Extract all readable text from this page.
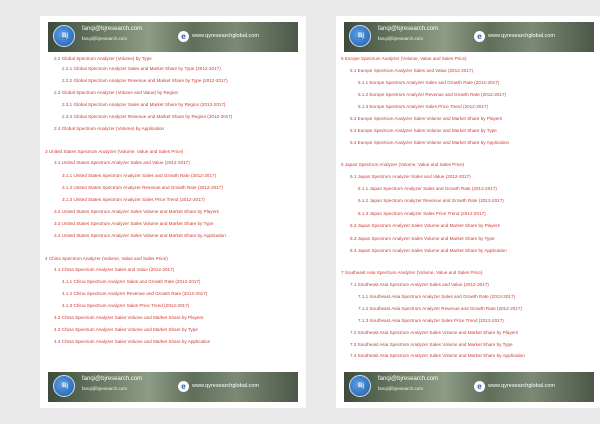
Bj
fanqi@bjresearch.com
fanqi@bjresearch.com	e	www.qyresearchglobal.com
2.2 Global Spectrum Analyzer (Volume) by Type
2.2.1 Global Spectrum Analyzer Sales and Market Share by Type (2012-2017)
2.2.2 Global Spectrum Analyzer Revenue and Market Share by Type (2012-2017)
2.3 Global Spectrum Analyzer (Volume and Value) by Region
2.3.1 Global Spectrum Analyzer Sales and Market Share by Region (2012-2017)
2.3.2 Global Spectrum Analyzer Revenue and Market Share by Region (2012-2017)
2.4 Global Spectrum Analyzer (Volume) by Application
3 United States Spectrum Analyzer (Volume, Value and Sales Price)
3.1 United States Spectrum Analyzer Sales and Value (2012-2017)
3.1.1 United States Spectrum Analyzer Sales and Growth Rate (2012-2017)
3.1.2 United States Spectrum Analyzer Revenue and Growth Rate (2012-2017)
3.1.3 United States Spectrum Analyzer Sales Price Trend (2012-2017)
3.2 United States Spectrum Analyzer Sales Volume and Market Share by Players
3.3 United States Spectrum Analyzer Sales Volume and Market Share by Type
3.4 United States Spectrum Analyzer Sales Volume and Market Share by Application
4 China Spectrum Analyzer (Volume, Value and Sales Price)
4.1 China Spectrum Analyzer Sales and Value (2012-2017)
4.1.1 China Spectrum Analyzer Sales and Growth Rate (2012-2017)
4.1.2 China Spectrum Analyzer Revenue and Growth Rate (2012-2017)
4.1.3 China Spectrum Analyzer Sales Price Trend (2012-2017)
4.2 China Spectrum Analyzer Sales Volume and Market Share by Players
4.3 China Spectrum Analyzer Sales Volume and Market Share by Type
4.4 China Spectrum Analyzer Sales Volume and Market Share by Application
Bj
fanqi@bjresearch.com
fanqi@bjresearch.com	e	www.qyresearchglobal.com
Bj
fanqi@bjresearch.com
fanqi@bjresearch.com	e	www.qyresearchglobal.com
5 Europe Spectrum Analyzer (Volume, Value and Sales Price)
5.1 Europe Spectrum Analyzer Sales and Value (2012-2017)
5.1.1 Europe Spectrum Analyzer Sales and Growth Rate (2012-2017)
5.1.2 Europe Spectrum Analyzer Revenue and Growth Rate (2012-2017)
5.1.3 Europe Spectrum Analyzer Sales Price Trend (2012-2017)
5.2 Europe Spectrum Analyzer Sales Volume and Market Share by Players
5.3 Europe Spectrum Analyzer Sales Volume and Market Share by Type
5.4 Europe Spectrum Analyzer Sales Volume and Market Share by Application
6 Japan Spectrum Analyzer (Volume, Value and Sales Price)
6.1 Japan Spectrum Analyzer Sales and Value (2012-2017)
6.1.1 Japan Spectrum Analyzer Sales and Growth Rate (2012-2017)
6.1.2 Japan Spectrum Analyzer Revenue and Growth Rate (2012-2017)
6.1.3 Japan Spectrum Analyzer Sales Price Trend (2012-2017)
6.2 Japan Spectrum Analyzer Sales Volume and Market Share by Players
6.3 Japan Spectrum Analyzer Sales Volume and Market Share by Type
6.4 Japan Spectrum Analyzer Sales Volume and Market Share by Application
7 Southeast Asia Spectrum Analyzer (Volume, Value and Sales Price)
7.1 Southeast Asia Spectrum Analyzer Sales and Value (2012-2017)
7.1.1 Southeast Asia Spectrum Analyzer Sales and Growth Rate (2012-2017)
7.1.2 Southeast Asia Spectrum Analyzer Revenue and Growth Rate (2012-2017)
7.1.3 Southeast Asia Spectrum Analyzer Sales Price Trend (2012-2017)
7.2 Southeast Asia Spectrum Analyzer Sales Volume and Market Share by Players
7.3 Southeast Asia Spectrum Analyzer Sales Volume and Market Share by Type
7.4 Southeast Asia Spectrum Analyzer Sales Volume and Market Share by Application
Bj
fanqi@bjresearch.com
fanqi@bjresearch.com	e	www.qyresearchglobal.com
